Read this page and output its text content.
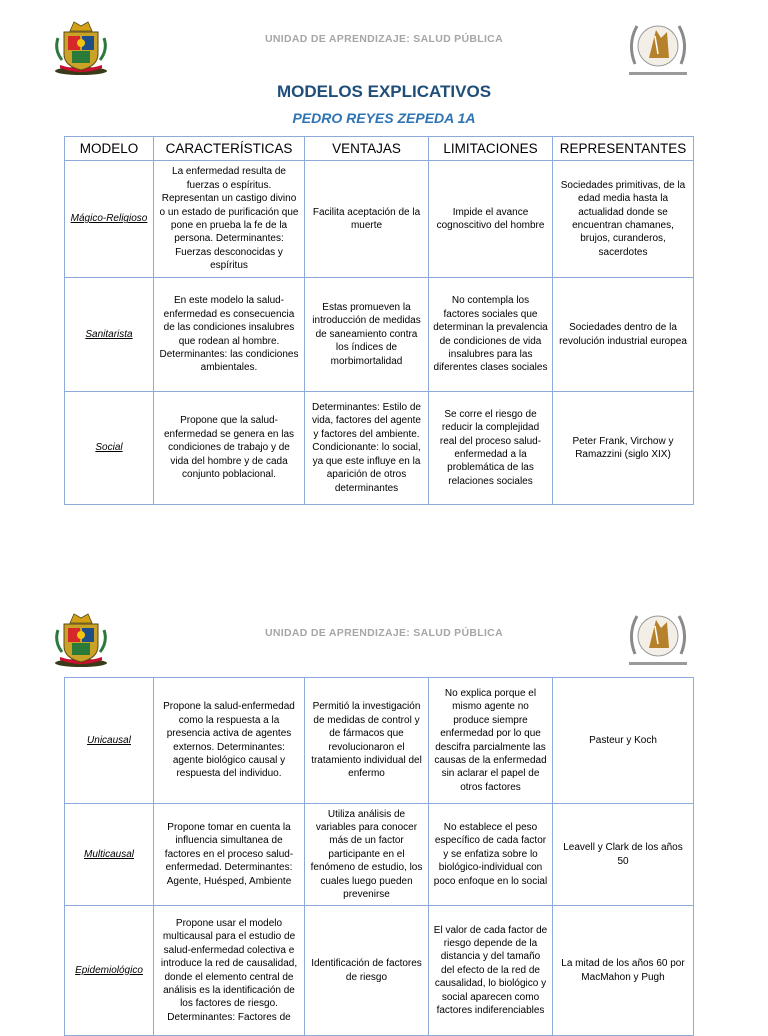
UNIDAD DE APRENDIZAJE: SALUD PÚBLICA
MODELOS EXPLICATIVOS
PEDRO REYES ZEPEDA 1A
MODELO	CARACTERÍSTICAS	VENTAJAS	LIMITACIONES	REPRESENTANTES
Mágico-Religioso	La enfermedad resulta de fuerzas o espíritus. Representan un castigo divino o un estado de purificación que pone en prueba la fe de la persona. Determinantes: Fuerzas desconocidas y espíritus	Facilita aceptación de la muerte	Impide el avance cognoscitivo del hombre	Sociedades primitivas, de la edad media hasta la actualidad donde se encuentran chamanes, brujos, curanderos, sacerdotes
Sanitarista	En este modelo la salud-enfermedad es consecuencia de las condiciones insalubres que rodean al hombre. Determinantes: las condiciones ambientales.	Estas promueven la introducción de medidas de saneamiento contra los índices de morbimortalidad	No contempla los factores sociales que determinan la prevalencia de condiciones de vida insalubres para las diferentes clases sociales	Sociedades dentro de la revolución industrial europea
Social	Propone que la salud-enfermedad se genera en las condiciones de trabajo y de vida del hombre y de cada conjunto poblacional.	Determinantes: Estilo de vida, factores del agente y factores del ambiente. Condicionante: lo social, ya que este influye en la aparición de otros determinantes	Se corre el riesgo de reducir la complejidad real del proceso salud-enfermedad a la problemática de las relaciones sociales	Peter Frank, Virchow y Ramazzini (siglo XIX)
UNIDAD DE APRENDIZAJE: SALUD PÚBLICA
Unicausal	Propone la salud-enfermedad como la respuesta a la presencia activa de agentes externos. Determinantes: agente biológico causal y respuesta del individuo.	Permitió la investigación de medidas de control y de fármacos que revolucionaron el tratamiento individual del enfermo	No explica porque el mismo agente no produce siempre enfermedad por lo que descifra parcialmente las causas de la enfermedad sin aclarar el papel de otros factores	Pasteur y Koch
Multicausal	Propone tomar en cuenta la influencia simultanea de factores en el proceso salud-enfermedad. Determinantes: Agente, Huésped, Ambiente	Utiliza análisis de variables para conocer más de un factor participante en el fenómeno de estudio, los cuales luego pueden prevenirse	No establece el peso específico de cada factor y se enfatiza sobre lo biológico-individual con poco enfoque en lo social	Leavell y Clark de los años 50
Epidemiológico	Propone usar el modelo multicausal para el estudio de salud-enfermedad colectiva e introduce la red de causalidad, donde el elemento central de análisis es la identificación de los factores de riesgo. Determinantes: Factores de	Identificación de factores de riesgo	El valor de cada factor de riesgo depende de la distancia y del tamaño del efecto de la red de causalidad, lo biológico y social aparecen como factores indiferenciables	La mitad de los años 60 por MacMahon y Pugh
